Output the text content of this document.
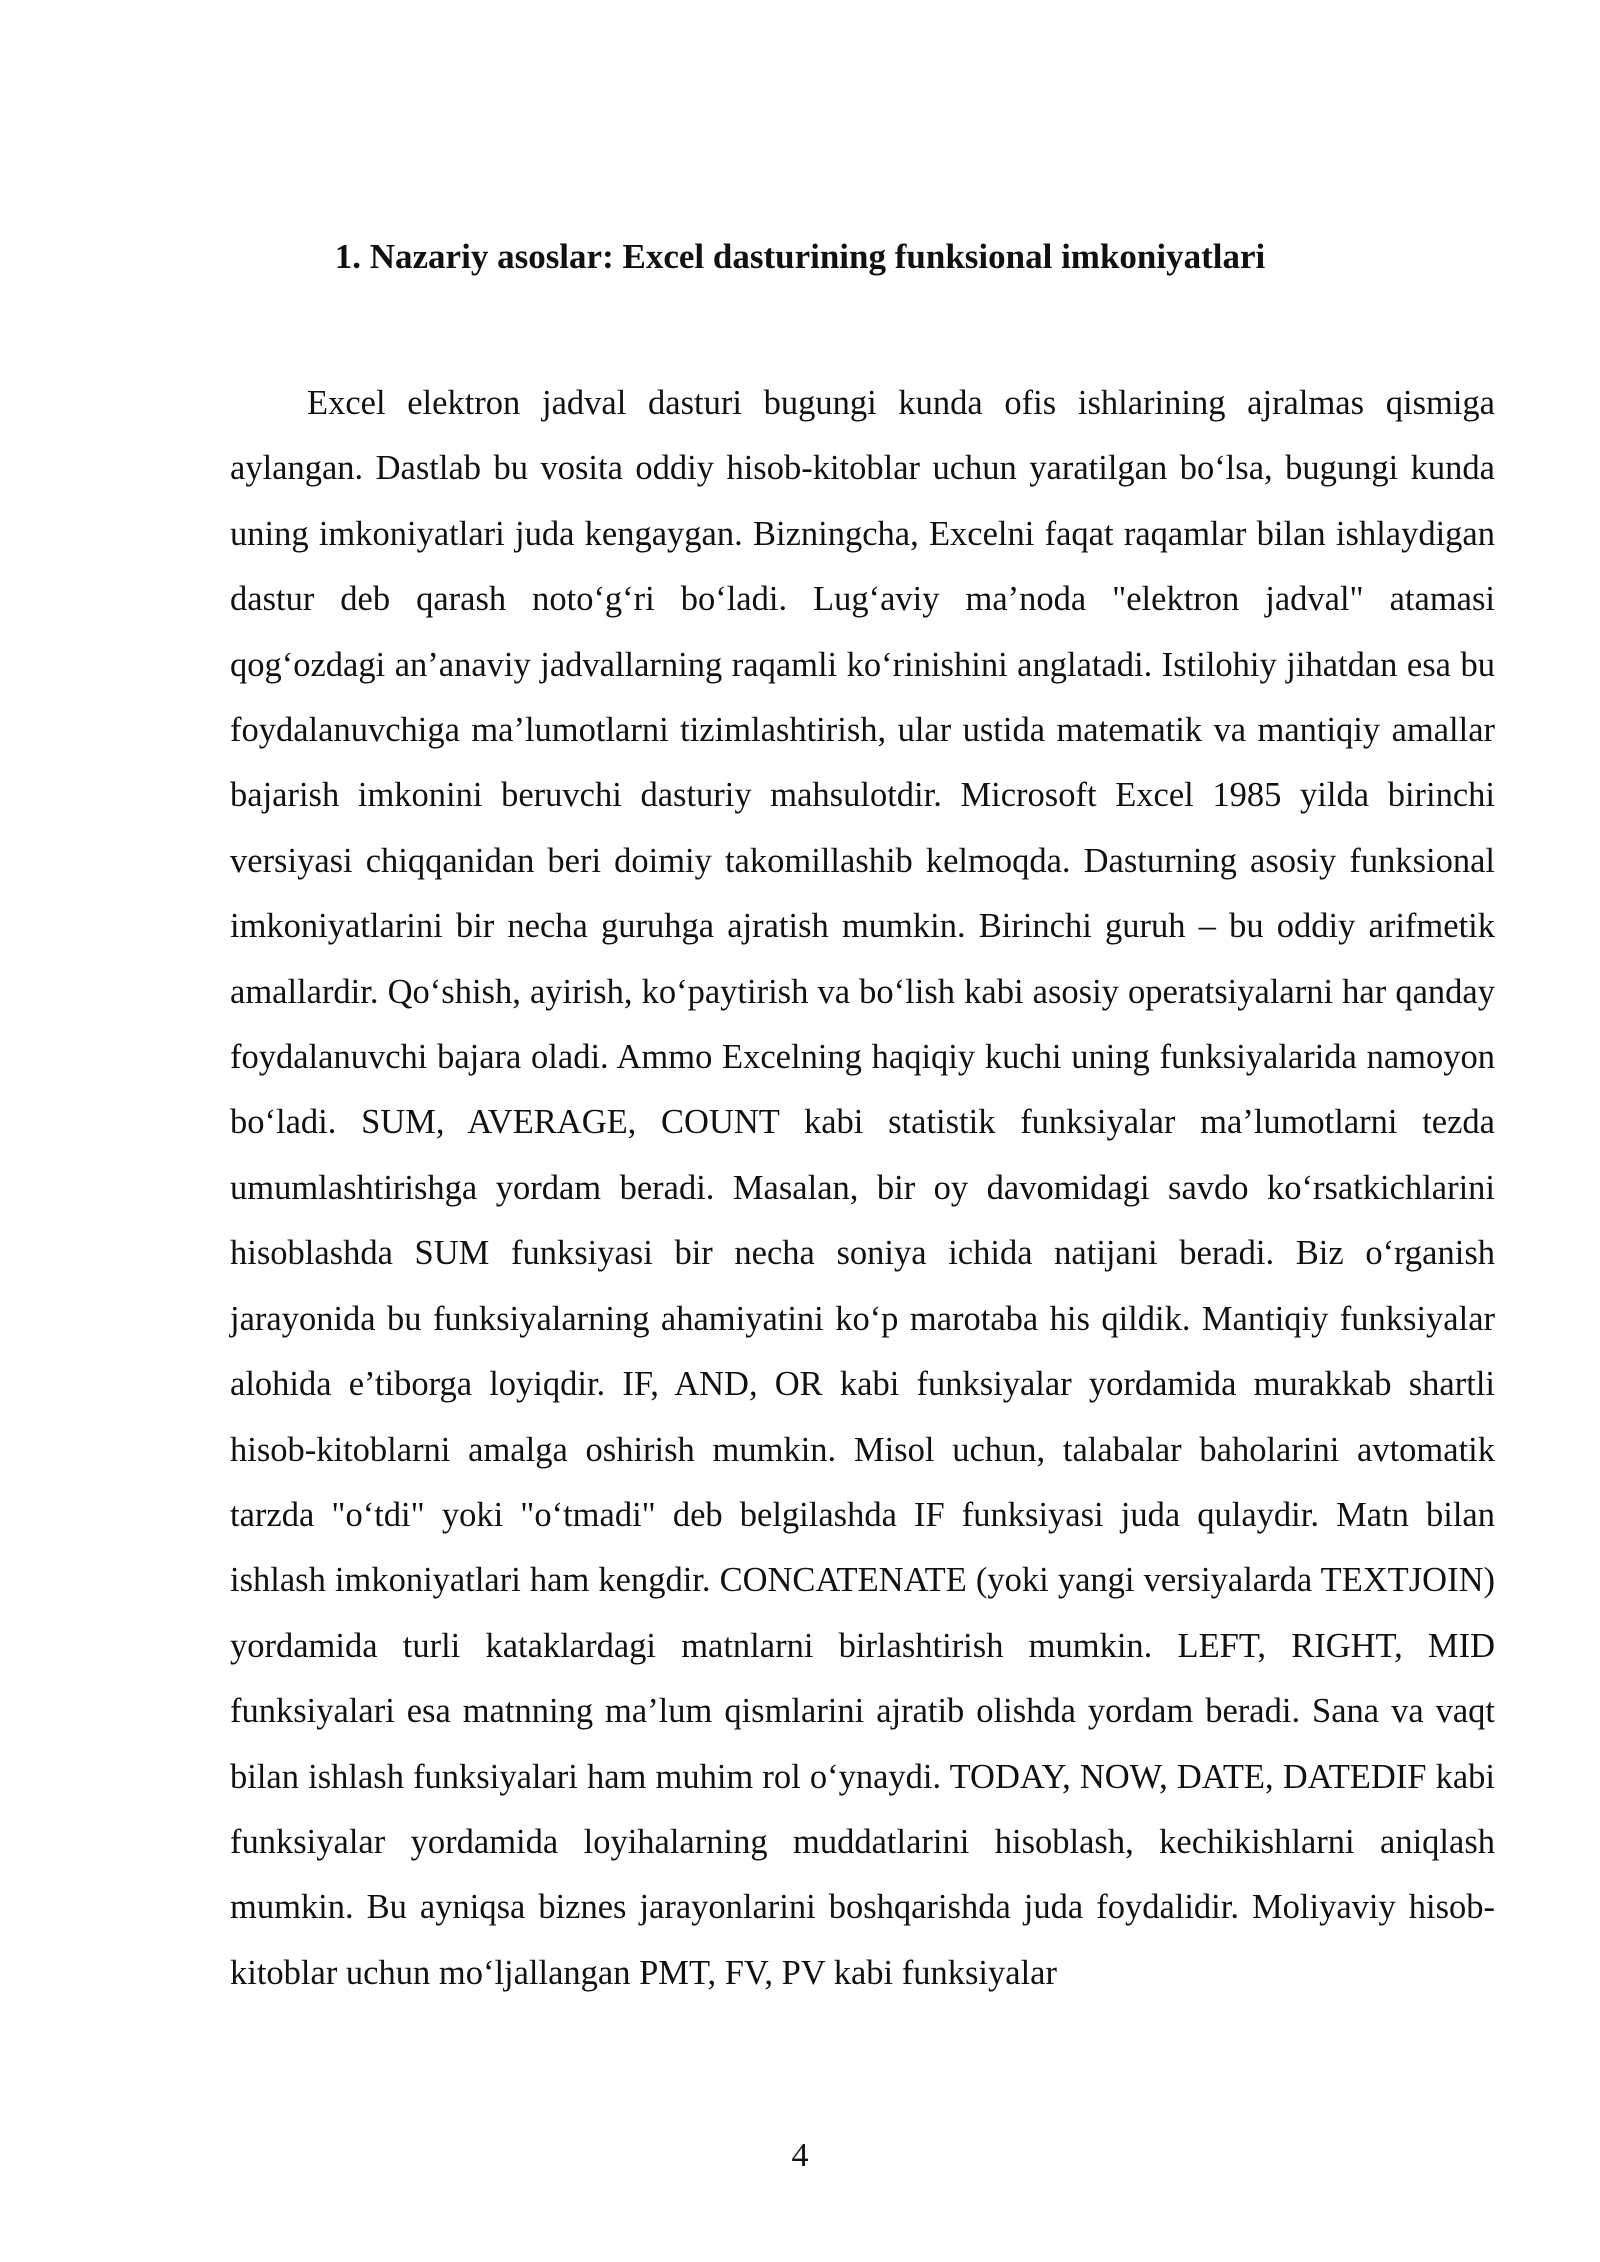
1. Nazariy asoslar: Excel dasturining funksional imkoniyatlari

Excel elektron jadval dasturi bugungi kunda ofis ishlarining ajralmas qismiga aylangan. Dastlab bu vosita oddiy hisob-kitoblar uchun yaratilgan bo‘lsa, bugungi kunda uning imkoniyatlari juda kengaygan. Bizningcha, Excelni faqat raqamlar bilan ishlaydigan dastur deb qarash noto‘g‘ri bo‘ladi. Lug‘aviy ma’noda "elektron jadval" atamasi qog‘ozdagi an’anaviy jadvallarning raqamli ko‘rinishini anglatadi. Istilohiy jihatdan esa bu foydalanuvchiga ma’lumotlarni tizimlashtirish, ular ustida matematik va mantiqiy amallar bajarish imkonini beruvchi dasturiy mahsulotdir. Microsoft Excel 1985 yilda birinchi versiyasi chiqqanidan beri doimiy takomillashib kelmoqda. Dasturning asosiy funksional imkoniyatlarini bir necha guruhga ajratish mumkin. Birinchi guruh – bu oddiy arifmetik amallardir. Qo‘shish, ayirish, ko‘paytirish va bo‘lish kabi asosiy operatsiyalarni har qanday foydalanuvchi bajara oladi. Ammo Excelning haqiqiy kuchi uning funksiyalarida namoyon bo‘ladi. SUM, AVERAGE, COUNT kabi statistik funksiyalar ma’lumotlarni tezda umumlashtirishga yordam beradi. Masalan, bir oy davomidagi savdo ko‘rsatkichlarini hisoblashda SUM funksiyasi bir necha soniya ichida natijani beradi. Biz o‘rganish jarayonida bu funksiyalarning ahamiyatini ko‘p marotaba his qildik. Mantiqiy funksiyalar alohida e’tiborga loyiqdir. IF, AND, OR kabi funksiyalar yordamida murakkab shartli hisob-kitoblarni amalga oshirish mumkin. Misol uchun, talabalar baholarini avtomatik tarzda "o‘tdi" yoki "o‘tmadi" deb belgilashda IF funksiyasi juda qulaydir. Matn bilan ishlash imkoniyatlari ham kengdir. CONCATENATE (yoki yangi versiyalarda TEXTJOIN) yordamida turli kataklardagi matnlarni birlashtirish mumkin. LEFT, RIGHT, MID funksiyalari esa matnning ma’lum qismlarini ajratib olishda yordam beradi. Sana va vaqt bilan ishlash funksiyalari ham muhim rol o‘ynaydi. TODAY, NOW, DATE, DATEDIF kabi funksiyalar yordamida loyihalarning muddatlarini hisoblash, kechikishlarni aniqlash mumkin. Bu ayniqsa biznes jarayonlarini boshqarishda juda foydalidir. Moliyaviy hisob-kitoblar uchun mo‘ljallangan PMT, FV, PV kabi funksiyalar

4
